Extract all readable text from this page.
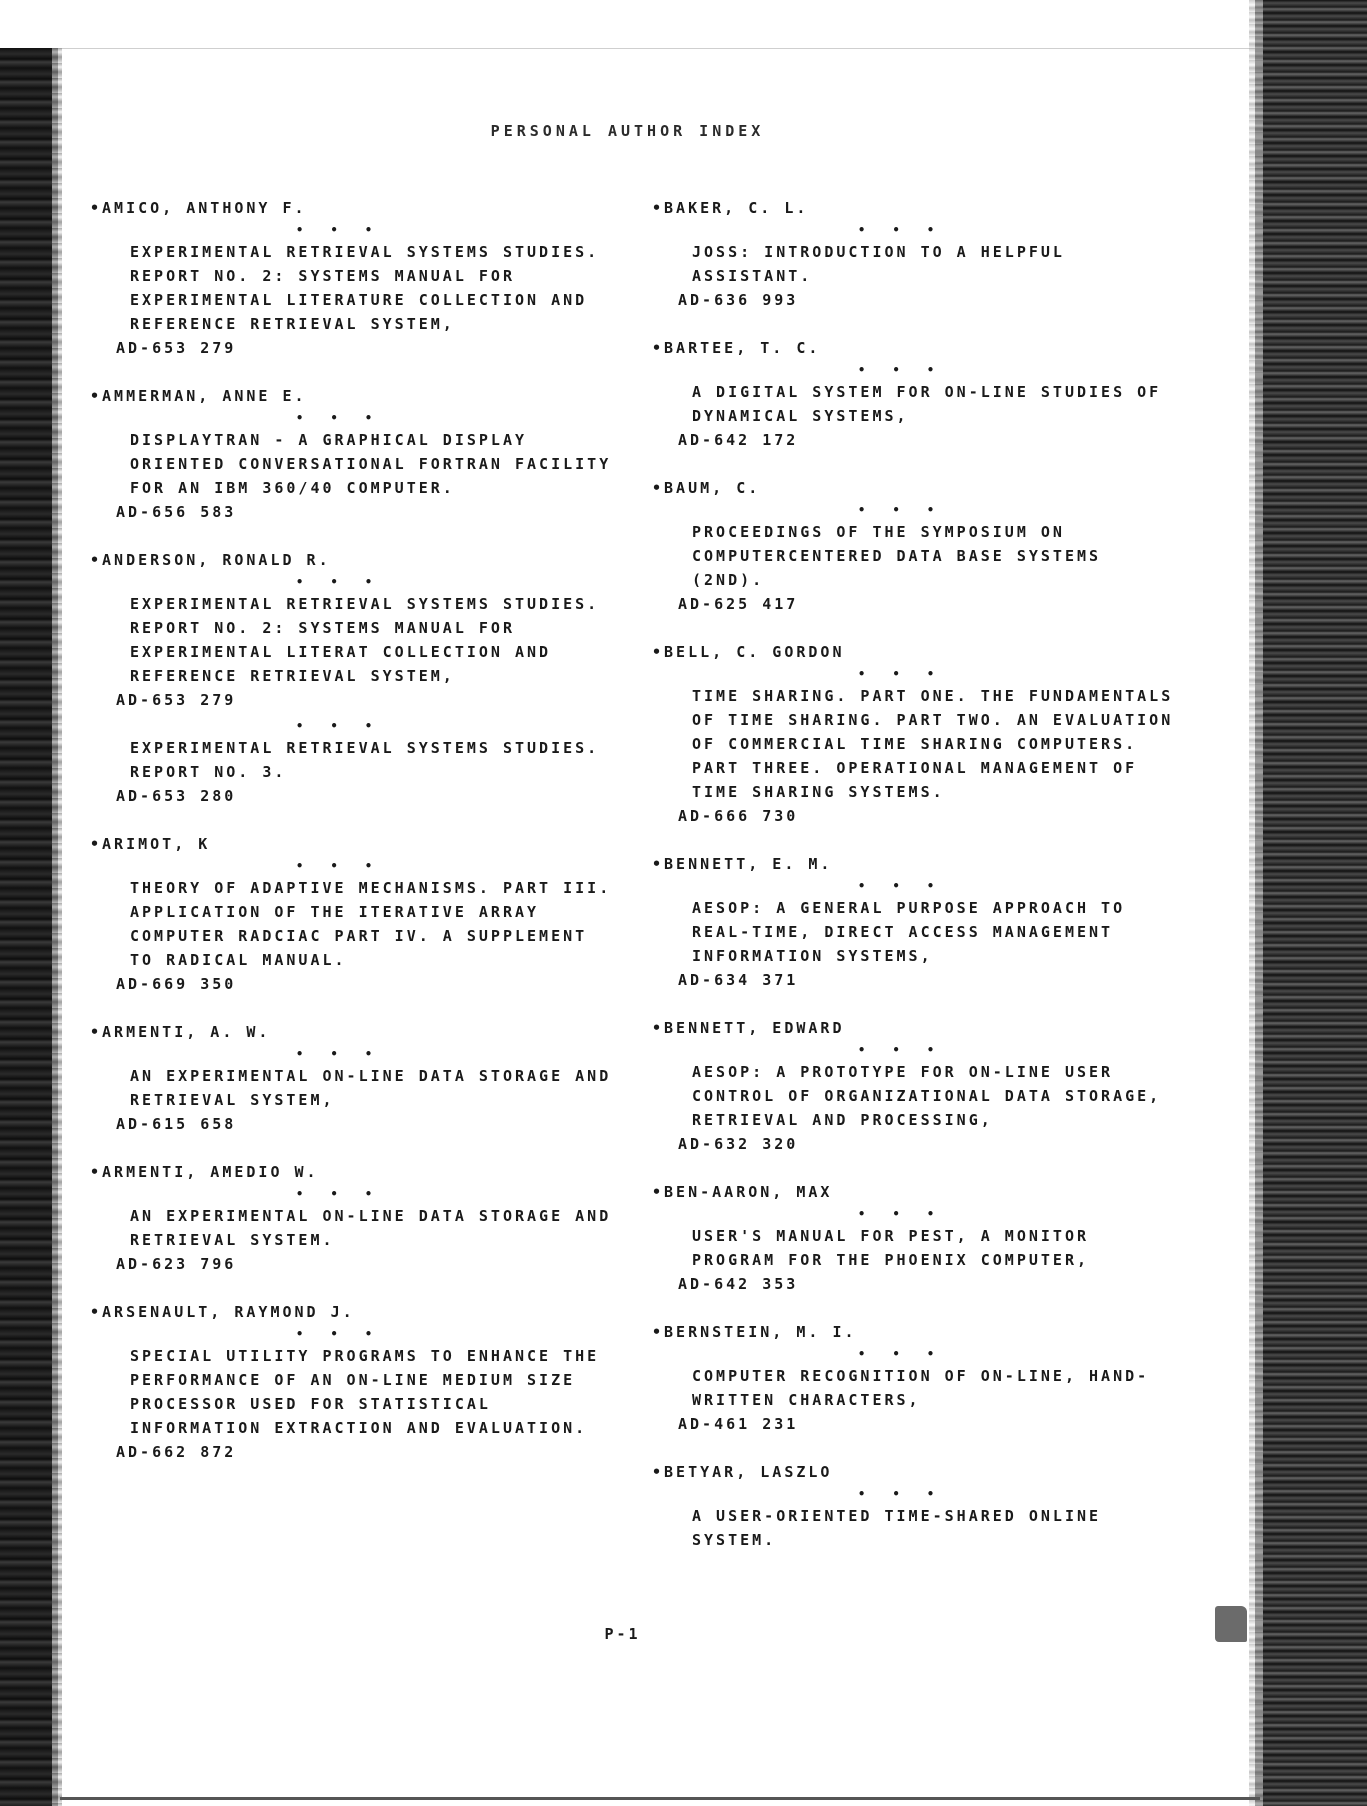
PERSONAL AUTHOR INDEX
•AMICO, ANTHONY F.
• • •
EXPERIMENTAL RETRIEVAL SYSTEMS STUDIES. REPORT NO. 2: SYSTEMS MANUAL FOR EXPERIMENTAL LITERATURE COLLECTION AND REFERENCE RETRIEVAL SYSTEM,
AD-653 279
•AMMERMAN, ANNE E.
• • •
DISPLAYTRAN - A GRAPHICAL DISPLAY ORIENTED CONVERSATIONAL FORTRAN FACILITY FOR AN IBM 360/40 COMPUTER.
AD-656 583
•ANDERSON, RONALD R.
• • •
EXPERIMENTAL RETRIEVAL SYSTEMS STUDIES. REPORT NO. 2: SYSTEMS MANUAL FOR EXPERIMENTAL LITERAT COLLECTION AND REFERENCE RETRIEVAL SYSTEM,
AD-653 279
• • •
EXPERIMENTAL RETRIEVAL SYSTEMS STUDIES. REPORT NO. 3.
AD-653 280
•ARIMOT, K
• • •
THEORY OF ADAPTIVE MECHANISMS. PART III. APPLICATION OF THE ITERATIVE ARRAY COMPUTER RADCIAC PART IV. A SUPPLEMENT TO RADICAL MANUAL.
AD-669 350
•ARMENTI, A. W.
• • •
AN EXPERIMENTAL ON-LINE DATA STORAGE AND RETRIEVAL SYSTEM,
AD-615 658
•ARMENTI, AMEDIO W.
• • •
AN EXPERIMENTAL ON-LINE DATA STORAGE AND RETRIEVAL SYSTEM.
AD-623 796
•ARSENAULT, RAYMOND J.
• • •
SPECIAL UTILITY PROGRAMS TO ENHANCE THE PERFORMANCE OF AN ON-LINE MEDIUM SIZE PROCESSOR USED FOR STATISTICAL INFORMATION EXTRACTION AND EVALUATION.
AD-662 872
•BAKER, C. L.
• • •
JOSS: INTRODUCTION TO A HELPFUL ASSISTANT.
AD-636 993
•BARTEE, T. C.
• • •
A DIGITAL SYSTEM FOR ON-LINE STUDIES OF DYNAMICAL SYSTEMS,
AD-642 172
•BAUM, C.
• • •
PROCEEDINGS OF THE SYMPOSIUM ON COMPUTERCENTERED DATA BASE SYSTEMS (2ND).
AD-625 417
•BELL, C. GORDON
• • •
TIME SHARING. PART ONE. THE FUNDAMENTALS OF TIME SHARING. PART TWO. AN EVALUATION OF COMMERCIAL TIME SHARING COMPUTERS. PART THREE. OPERATIONAL MANAGEMENT OF TIME SHARING SYSTEMS.
AD-666 730
•BENNETT, E. M.
• • •
AESOP: A GENERAL PURPOSE APPROACH TO REAL-TIME, DIRECT ACCESS MANAGEMENT INFORMATION SYSTEMS,
AD-634 371
•BENNETT, EDWARD
• • •
AESOP: A PROTOTYPE FOR ON-LINE USER CONTROL OF ORGANIZATIONAL DATA STORAGE, RETRIEVAL AND PROCESSING,
AD-632 320
•BEN-AARON, MAX
• • •
USER'S MANUAL FOR PEST, A MONITOR PROGRAM FOR THE PHOENIX COMPUTER,
AD-642 353
•BERNSTEIN, M. I.
• • •
COMPUTER RECOGNITION OF ON-LINE, HAND-WRITTEN CHARACTERS,
AD-461 231
•BETYAR, LASZLO
• • •
A USER-ORIENTED TIME-SHARED ONLINE SYSTEM.
P-1
